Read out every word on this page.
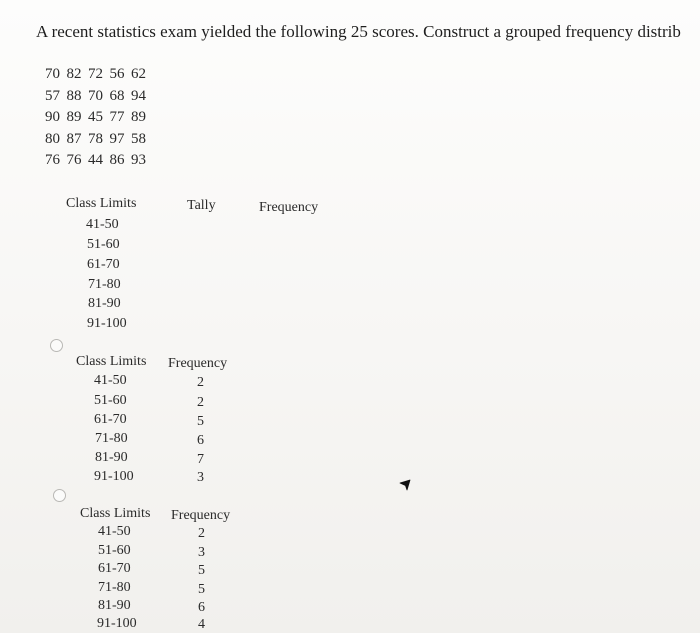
A recent statistics exam yielded the following 25 scores. Construct a grouped frequency distrib
70 82 72 56 62
57 88 70 68 94
90 89 45 77 89
80 87 78 97 58
76 76 44 86 93
Class Limits	Tally	Frequency
41-50
51-60
61-70
71-80
81-90
91-100
Class Limits Frequency
41-50
51-60
61-70
71-80
81-90
91-100
2
2
5
6
7
3
Class Limits Frequency
41-50
51-60
61-70
71-80
81-90
91-100
2
3
5
5
6
4
